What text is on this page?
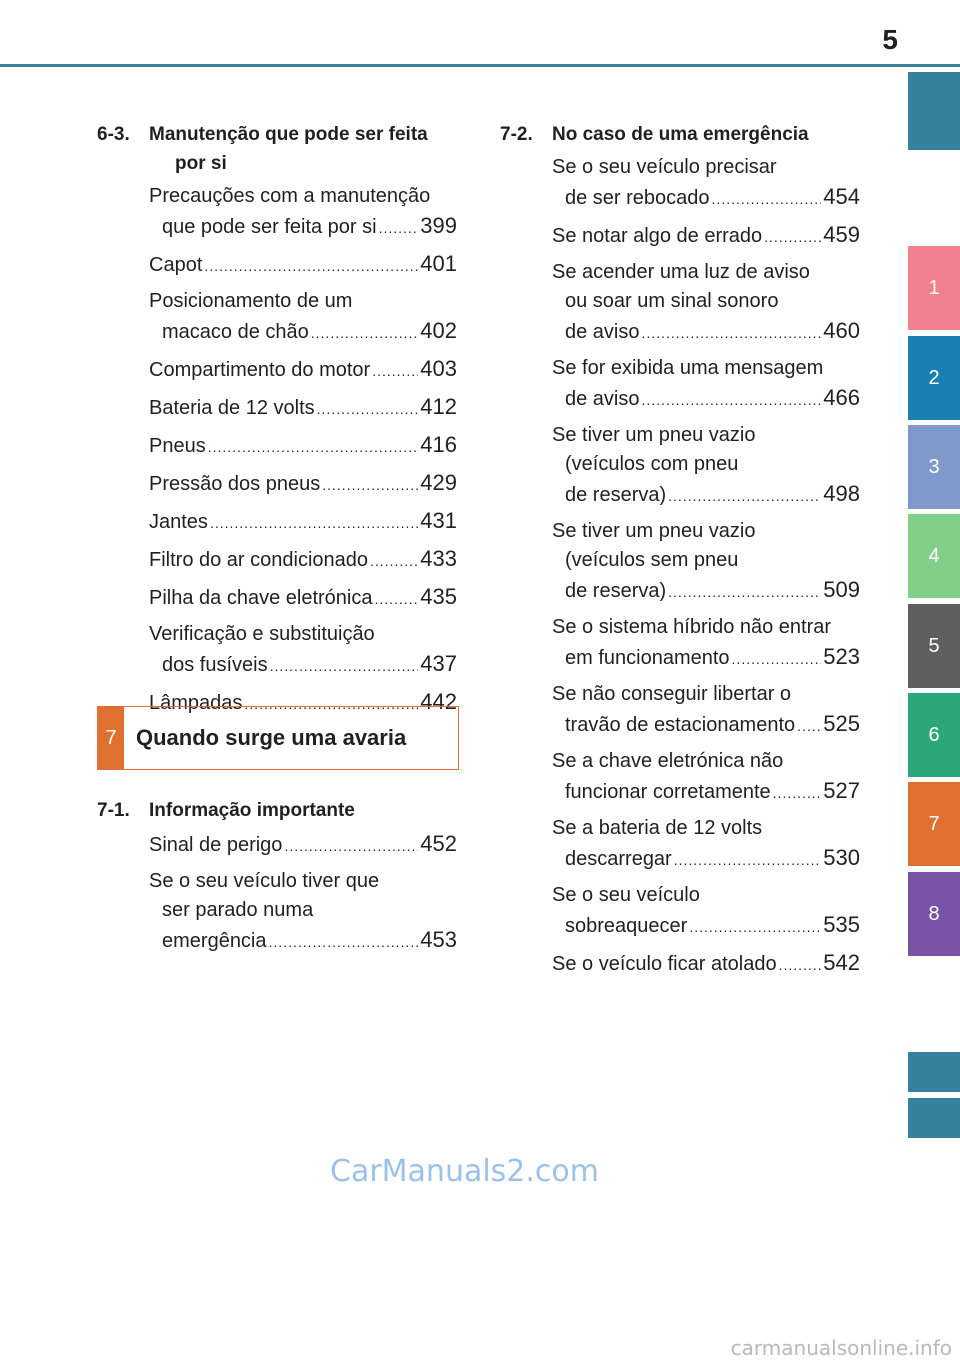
5
1
2
3
4
5
6
7
8
6-3.	Manutenção que pode ser feita
por si
Precauções com a manutenção
que pode ser feita por si ..... 399
Capot .....	401
Posicionamento de um
macaco de chão .....	402
Compartimento do motor ..... 403
Bateria de 12 volts .....	412
Pneus .....	416
Pressão dos pneus .....	429
Jantes .....	431
Filtro do ar condicionado ..... 433
Pilha da chave eletrónica ..... 435
Verificação e substituição
dos fusíveis .....	437
Lâmpadas .....	442
7 Quando surge uma avaria
7-1.	Informação importante
Sinal de perigo .....	452
Se o seu veículo tiver que
ser parado numa
emergência .....	453
7-2.	No caso de uma emergência
Se o seu veículo precisar
de ser rebocado .....	454
Se notar algo de errado .....	459
Se acender uma luz de aviso
ou soar um sinal sonoro
de aviso .....	460
Se for exibida uma mensagem
de aviso .....	466
Se tiver um pneu vazio
(veículos com pneu
de reserva) .....	498
Se tiver um pneu vazio
(veículos sem pneu
de reserva) .....	509
Se o sistema híbrido não entrar
em funcionamento .....	523
Se não conseguir libertar o
travão de estacionamento ..... 525
Se a chave eletrónica não
funcionar corretamente ..... 527
Se a bateria de 12 volts
descarregar .....	530
Se o seu veículo
sobreaquecer .....	535
Se o veículo ficar atolado ..... 542
CarManuals2.com
carmanualsonline.info
